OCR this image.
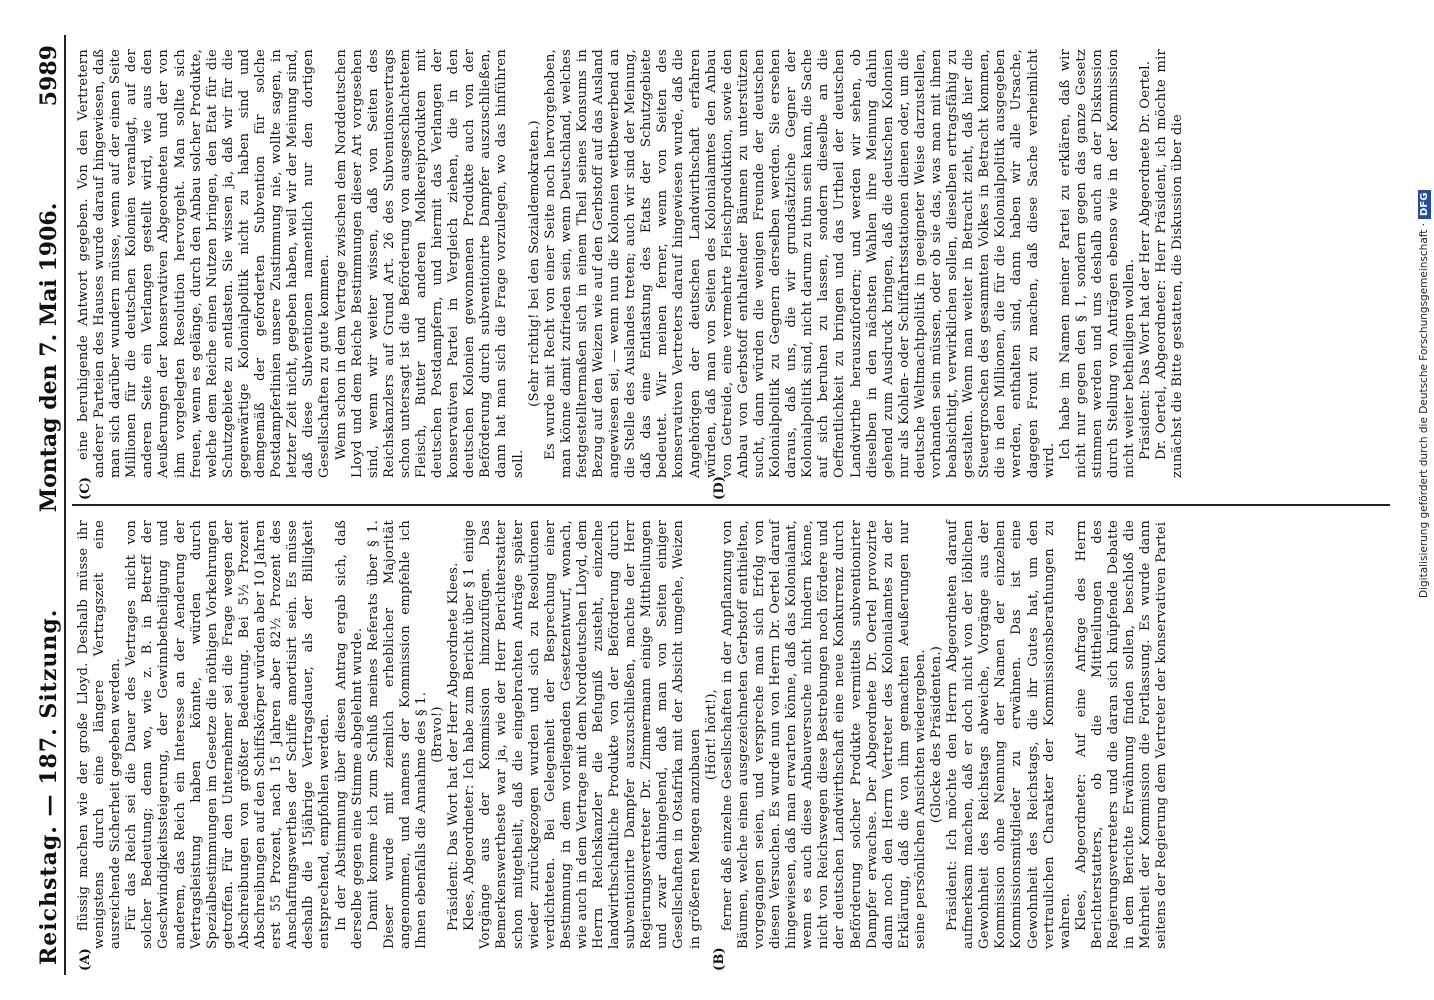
Reichstag. — 187. Sitzung.
Montag den 7. Mai 1906.
5989
(A)	(B)

flüssig machen wie der große Lloyd. Deshalb müsse ihr wenigstens durch eine längere Vertragszeit eine ausreichende Sicherheit gegeben werden. Für das Reich sei die Dauer des Vertrages nicht von solcher Bedeutung; denn wo, wie z. B. in Betreff der Geschwindigkeitssteigerung, der Gewinnbetheiligung und anderem, das Reich ein Interesse an der Aenderung der Vertragsleistung haben könnte, würden durch Spezialbestimmungen im Gesetze die nöthigen Vorkehrungen getroffen. Für den Unternehmer sei die Frage wegen der Abschreibungen von größter Bedeutung. Bei 5½ Prozent Abschreibungen auf den Schiffskörper würden aber 10 Jahren erst 55 Prozent, nach 15 Jahren aber 82½ Prozent des Anschaffungswerthes der Schiffe amortisirt sein. Es müsse deshalb die 15jährige Vertragsdauer, als der Billigkeit entsprechend, empfohlen werden. In der Abstimmung über diesen Antrag ergab sich, daß derselbe gegen eine Stimme abgelehnt wurde. Damit komme ich zum Schluß meines Referats über § 1. Dieser wurde mit ziemlich erheblicher Majorität angenommen, und namens der Kommission empfehle ich Ihnen ebenfalls die Annahme des § 1. (Bravo!) Präsident: Das Wort hat der Herr Abgeordnete Klees. Klees, Abgeordneter: Ich habe zum Bericht über § 1 einige Vorgänge aus der Kommission hinzuzufügen. Das Bemerkenswertheste war ja, wie der Herr Berichterstatter schon mitgetheilt, daß die eingebrachten Anträge später wieder zurückgezogen wurden und sich zu Resolutionen verdichteten. Bei Gelegenheit der Besprechung einer Bestimmung in dem vorliegenden Gesetzentwurf, wonach, wie auch in dem Vertrage mit dem Norddeutschen Lloyd, dem Herrn Reichskanzler die Befugniß zusteht, einzelne landwirthschaftliche Produkte von der Beförderung durch subventionirte Dampfer auszuschließen, machte der Herr Regierungsvertreter Dr. Zimmermann einige Mittheilungen und zwar dahingehend, daß man von Seiten einiger Gesellschaften in Ostafrika mit der Absicht umgehe, Weizen in größeren Mengen anzubauen (Hört! hört!), ferner daß einzelne Gesellschaften in der Anpflanzung von Bäumen, welche einen ausgezeichneten Gerbstoff enthielten, vorgegangen seien, und verspreche man sich Erfolg von diesen Versuchen. Es wurde nun von Herrn Dr. Oertel darauf hingewiesen, daß man erwarten könne, daß das Kolonialamt, wenn es auch diese Anbauversuche nicht hindern könne, nicht von Reichswegen diese Bestrebungen noch fördere und der deutschen Landwirthschaft eine neue Konkurrenz durch Beförderung solcher Produkte vermittels subventionirter Dampfer erwachse. Der Abgeordnete Dr. Oertel provozirte dann noch den Herrn Vertreter des Kolonialamtes zu der Erklärung, daß die von ihm gemachten Aeußerungen nur seine persönlichen Ansichten wiedergeben. (Glocke des Präsidenten.) Präsident: Ich möchte den Herrn Abgeordneten darauf aufmerksam machen, daß er doch nicht von der löblichen Gewohnheit des Reichstags abweiche, Vorgänge aus der Kommission ohne Nennung der Namen der einzelnen Kommissionsmitglieder zu erwähnen. Das ist eine Gewohnheit des Reichstags, die ihr Gutes hat, um den vertraulichen Charakter der Kommissionsberathungen zu wahren. Klees, Abgeordneter: Auf eine Anfrage des Herrn Berichterstatters, ob die Mittheilungen des Regierungsvertreters und die daran sich knüpfende Debatte in dem Berichte Erwähnung finden sollen, beschloß die Mehrheit der Kommission die Fortlassung. Es wurde dann seitens der Regierung dem Vertreter der konservativen Partei

(C)	(D)

eine beruhigende Antwort gegeben. Von den Vertretern anderer Parteien des Hauses wurde darauf hingewiesen, daß man sich darüber wundern müsse, wenn auf der einen Seite Millionen für die deutschen Kolonien veranlagt, auf der anderen Seite ein Verlangen gestellt wird, wie aus den Aeußerungen der konservativen Abgeordneten und der von ihm vorgelegten Resolution hervorgeht. Man sollte sich freuen, wenn es gelänge, durch den Anbau solcher Produkte, welche dem Reiche einen Nutzen bringen, den Etat für die Schutzgebiete zu entlasten. Sie wissen ja, daß wir für die gegenwärtige Kolonialpolitik nicht zu haben sind und demgemäß der geforderten Subvention für solche Postdampferlinien unsere Zustimmung nie, wollte sagen, in letzter Zeit nicht, gegeben haben, weil wir der Meinung sind, daß diese Subventionen namentlich nur den dortigen Gesellschaften zu gute kommen. Wenn schon in dem Vertrage zwischen dem Norddeutschen Lloyd und dem Reiche Bestimmungen dieser Art vorgesehen sind, wenn wir weiter wissen, daß von Seiten des Reichskanzlers auf Grund Art. 26 des Subventionsvertrags schon untersagt ist die Beförderung von ausgeschlachtetem Fleisch, Butter und anderen Molkereiprodukten mit deutschen Postdampfern, und hiermit das Verlangen der konservativen Partei in Vergleich ziehen, die in den deutschen Kolonien gewonnenen Produkte auch von der Beförderung durch subventionirte Dampfer auszuschließen, dann hat man sich die Frage vorzulegen, wo das hinführen soll.

(Sehr richtig! bei den Sozialdemokraten.) Es wurde mit Recht von einer Seite noch hervorgehoben, man könne damit zufrieden sein, wenn Deutschland, welches festgestelltermaßen sich in einem Theil seines Konsums in Bezug auf den Weizen wie auf den Gerbstoff auf das Ausland angewiesen sei, — wenn nun die Kolonien wettbewerbend an die Stelle des Auslandes treten; auch wir sind der Meinung, daß das eine Entlastung des Etats der Schutzgebiete bedeutet. Wir meinen ferner, wenn von Seiten des konservativen Vertreters darauf hingewiesen wurde, daß die Angehörigen der deutschen Landwirthschaft erfahren würden, daß man von Seiten des Kolonialamtes den Anbau von Getreide, eine vermehrte Fleischproduktion, sowie den Anbau von Gerbstoff enthaltender Bäumen zu unterstützen sucht, dann würden die wenigen Freunde der deutschen Kolonialpolitik zu Gegnern derselben werden. Sie ersehen daraus, daß uns, die wir grundsätzliche Gegner der Kolonialpolitik sind, nicht darum zu thun sein kann, die Sache auf sich beruhen zu lassen, sondern dieselbe an die Oeffentlichkeit zu bringen und das Urtheil der deutschen Landwirthe herauszufordern; und werden wir sehen, ob dieselben in den nächsten Wahlen ihre Meinung dahin gehend zum Ausdruck bringen, daß die deutschen Kolonien nur als Kohlen- oder Schiffahrtsstationen dienen oder, um die deutsche Weltmachtpolitik in geeigneter Weise darzustellen, vorhanden sein müssen, oder ob sie das, was man mit ihnen beabsichtigt, verwirklichen sollen, dieselben ertragsfähig zu gestalten. Wenn man weiter in Betracht zieht, daß hier die Steuergroschen des gesammten Volkes in Betracht kommen, die in den Millionen, die für die Kolonialpolitik ausgegeben werden, enthalten sind, dann haben wir alle Ursache, dagegen Front zu machen, daß diese Sache verheimlicht wird.

Ich habe im Namen meiner Partei zu erklären, daß wir nicht nur gegen den § 1, sondern gegen das ganze Gesetz stimmen werden und uns deshalb auch an der Diskussion durch Stellung von Anträgen ebenso wie in der Kommission nicht weiter betheiligen wollen. Präsident: Das Wort hat der Herr Abgeordnete Dr. Oertel. Dr. Oertel, Abgeordneter: Herr Präsident, ich möchte mir zunächst die Bitte gestatten, die Diskussion über die	Digitalisierung gefördert durch die Deutsche Forschungsgemeinschaft ·
DFG
